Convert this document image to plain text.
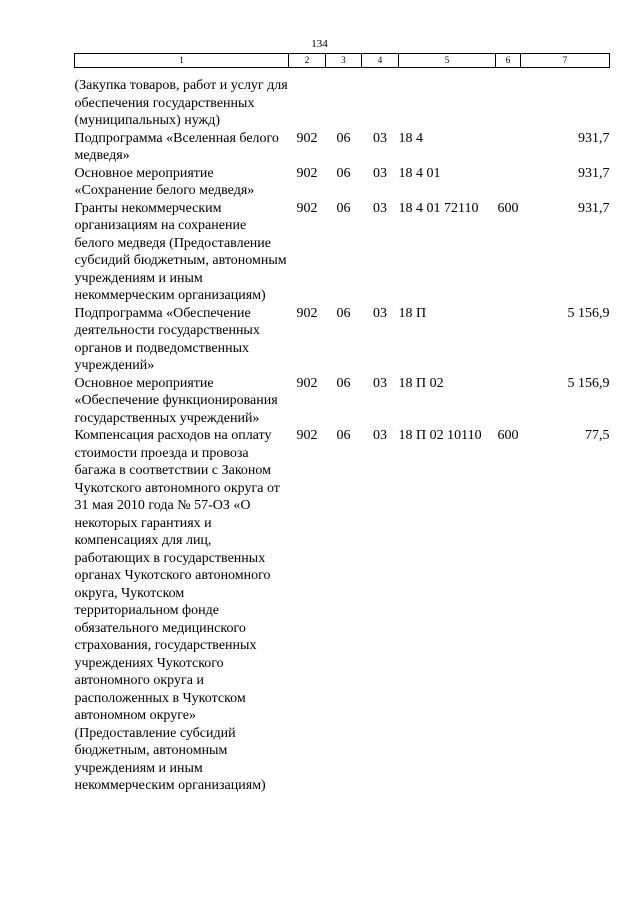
134
1	2	3	4	5	6	7
(Закупка товаров, работ и услуг для обеспечения государственных (муниципальных) нужд)						
Подпрограмма «Вселенная белого медведя»	902	06	03	18 4		931,7
Основное мероприятие «Сохранение белого медведя»	902	06	03	18 4 01		931,7
Гранты некоммерческим организациям на сохранение белого медведя (Предоставление субсидий бюджетным, автономным учреждениям и иным некоммерческим организациям)	902	06	03	18 4 01 72110	600	931,7
Подпрограмма «Обеспечение деятельности государственных органов и подведомственных учреждений»	902	06	03	18 П		5 156,9
Основное мероприятие «Обеспечение функционирования государственных учреждений»	902	06	03	18 П 02		5 156,9
Компенсация расходов на оплату стоимости проезда и провоза багажа в соответствии с Законом Чукотского автономного округа от 31 мая 2010 года № 57-ОЗ «О некоторых гарантиях и компенсациях для лиц, работающих в государственных органах Чукотского автономного округа, Чукотском территориальном фонде обязательного медицинского страхования, государственных учреждениях Чукотского автономного округа и расположенных в Чукотском автономном округе» (Предоставление субсидий бюджетным, автономным учреждениям и иным некоммерческим организациям)	902	06	03	18 П 02 10110	600	77,5
